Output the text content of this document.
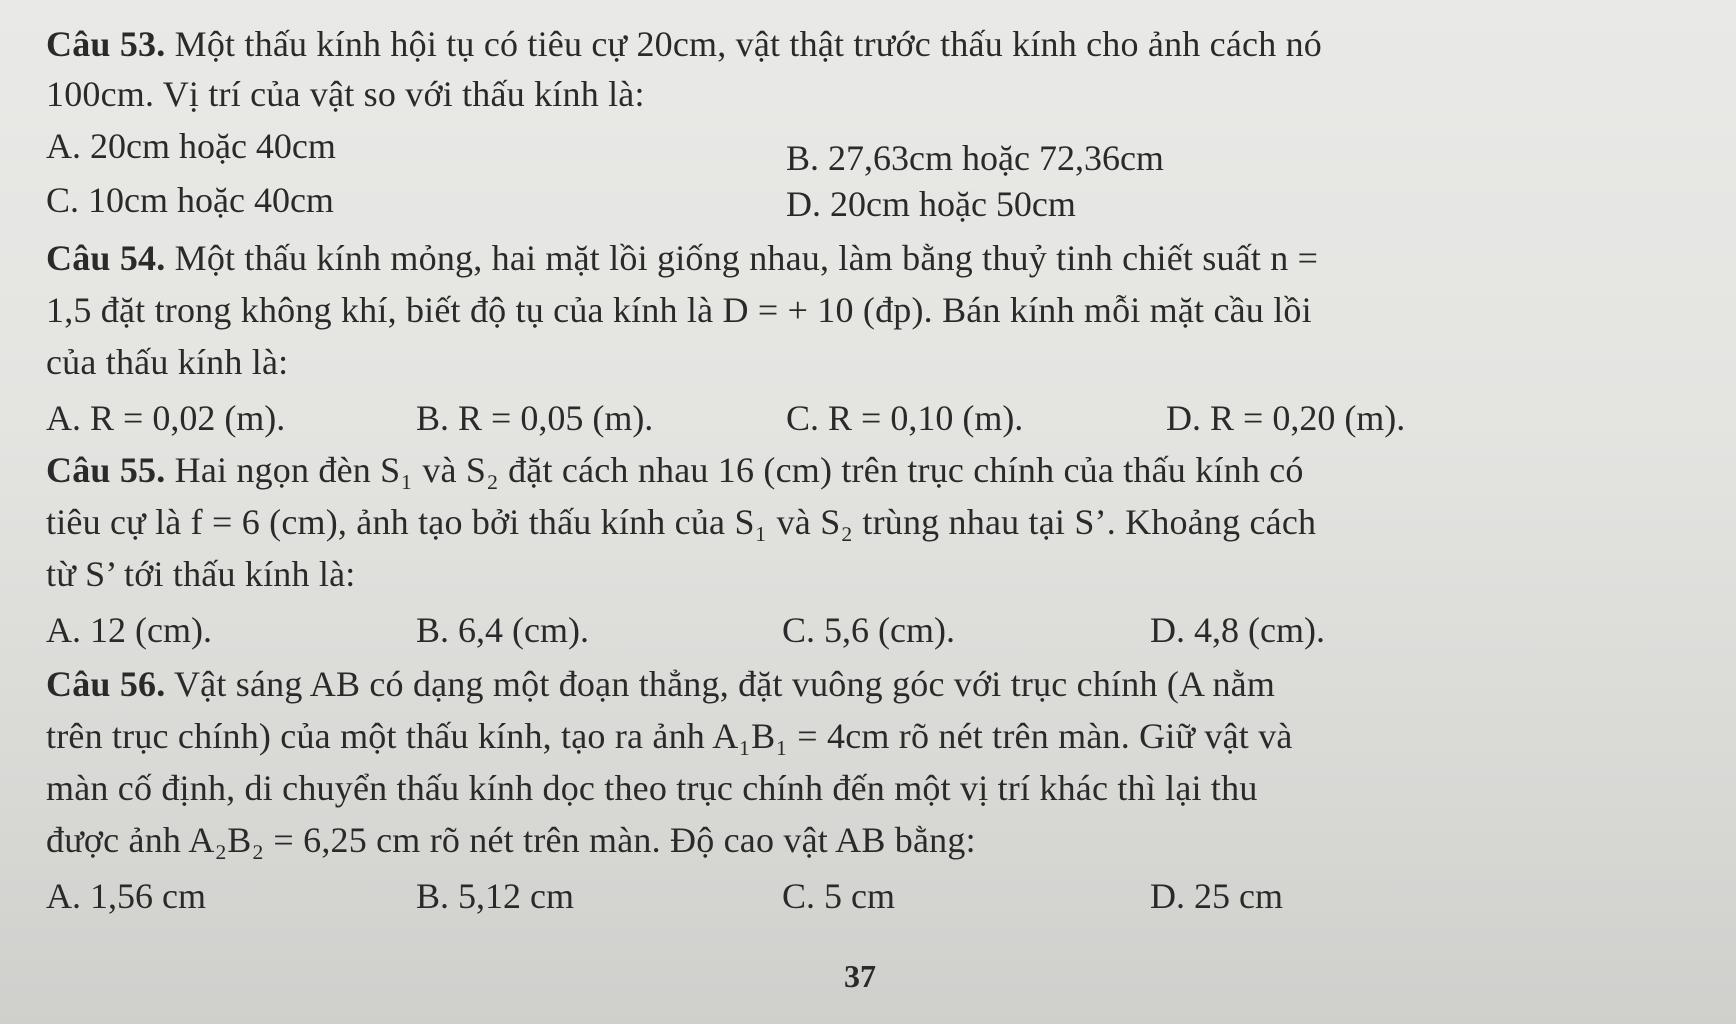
Câu 53. Một thấu kính hội tụ có tiêu cự 20cm, vật thật trước thấu kính cho ảnh cách nó
100cm. Vị trí của vật so với thấu kính là:
A. 20cm hoặc 40cm	B. 27,63cm hoặc 72,36cm
C. 10cm hoặc 40cm	D. 20cm hoặc 50cm
Câu 54. Một thấu kính mỏng, hai mặt lồi giống nhau, làm bằng thuỷ tinh chiết suất n =
1,5 đặt trong không khí, biết độ tụ của kính là D = + 10 (đp). Bán kính mỗi mặt cầu lồi
của thấu kính là:
A. R = 0,02 (m).	B. R = 0,05 (m).	C. R = 0,10 (m).	D. R = 0,20 (m).
Câu 55. Hai ngọn đèn S₁ và S₂ đặt cách nhau 16 (cm) trên trục chính của thấu kính có
tiêu cự là f = 6 (cm), ảnh tạo bởi thấu kính của S₁ và S₂ trùng nhau tại S’. Khoảng cách
từ S’ tới thấu kính là:
A. 12 (cm).	B. 6,4 (cm).	C. 5,6 (cm).	D. 4,8 (cm).
Câu 56. Vật sáng AB có dạng một đoạn thẳng, đặt vuông góc với trục chính (A nằm
trên trục chính) của một thấu kính, tạo ra ảnh A₁B₁ = 4cm rõ nét trên màn. Giữ vật và
màn cố định, di chuyển thấu kính dọc theo trục chính đến một vị trí khác thì lại thu
được ảnh A₂B₂ = 6,25 cm rõ nét trên màn. Độ cao vật AB bằng:
A. 1,56 cm	B. 5,12 cm	C. 5 cm	D. 25 cm
37
